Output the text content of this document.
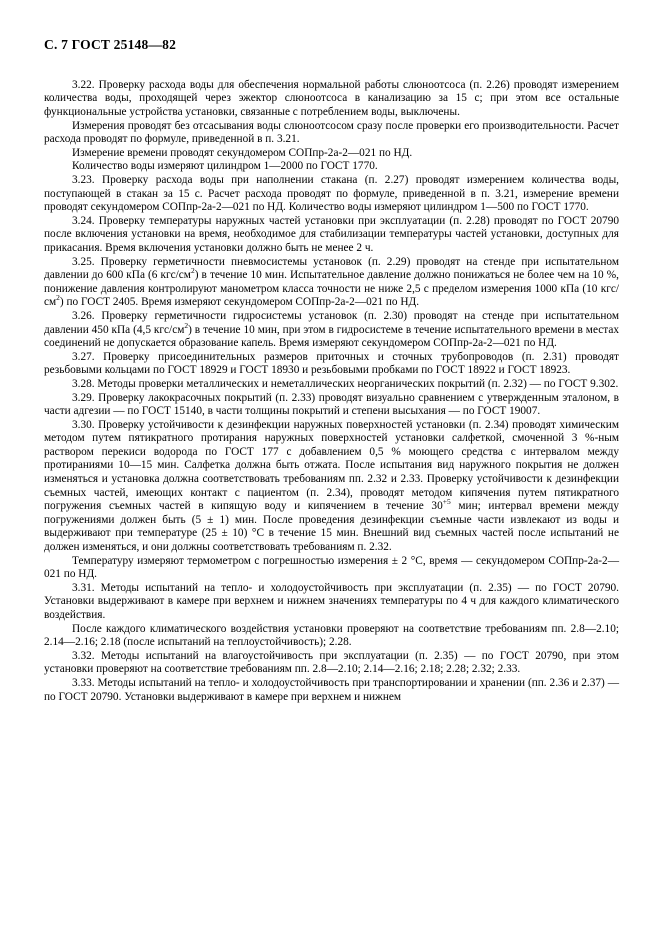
С. 7 ГОСТ 25148—82

3.22. Проверку расхода воды для обеспечения нормальной работы слюноотсоса (п. 2.26) проводят измерением количества воды, проходящей через эжектор слюноотсоса в канализацию за 15 с; при этом все остальные функциональные устройства установки, связанные с потреблением воды, выключены.

Измерения проводят без отсасывания воды слюноотсосом сразу после проверки его производительности. Расчет расхода проводят по формуле, приведенной в п. 3.21.

Измерение времени проводят секундомером СОПпр-2а-2—021 по НД.

Количество воды измеряют цилиндром 1—2000 по ГОСТ 1770.

3.23. Проверку расхода воды при наполнении стакана (п. 2.27) проводят измерением количества воды, поступающей в стакан за 15 с. Расчет расхода проводят по формуле, приведенной в п. 3.21, измерение времени проводят секундомером СОПпр-2а-2—021 по НД. Количество воды измеряют цилиндром 1—500 по ГОСТ 1770.

3.24. Проверку температуры наружных частей установки при эксплуатации (п. 2.28) проводят по ГОСТ 20790 после включения установки на время, необходимое для стабилизации температуры частей установки, доступных для прикасания. Время включения установки должно быть не менее 2 ч.

3.25. Проверку герметичности пневмосистемы установок (п. 2.29) проводят на стенде при испытательном давлении до 600 кПа (6 кгс/$см^2$) в течение 10 мин. Испытательное давление должно понижаться не более чем на 10 %, понижение давления контролируют манометром класса точности не ниже 2,5 с пределом измерения 1000 кПа (10 кгс/$см^2$) по ГОСТ 2405. Время измеряют секундомером СОПпр-2а-2—021 по НД.

3.26. Проверку герметичности гидросистемы установок (п. 2.30) проводят на стенде при испытательном давлении 450 кПа (4,5 кгс/$см^2$) в течение 10 мин, при этом в гидросистеме в течение испытательного времени в местах соединений не допускается образование капель. Время измеряют секундомером СОПпр-2а-2—021 по НД.

3.27. Проверку присоединительных размеров приточных и сточных трубопроводов (п. 2.31) проводят резьбовыми кольцами по ГОСТ 18929 и ГОСТ 18930 и резьбовыми пробками по ГОСТ 18922 и ГОСТ 18923.

3.28. Методы проверки металлических и неметаллических неорганических покрытий (п. 2.32) — по ГОСТ 9.302.

3.29. Проверку лакокрасочных покрытий (п. 2.33) проводят визуально сравнением с утвержденным эталоном, в части адгезии — по ГОСТ 15140, в части толщины покрытий и степени высыхания — по ГОСТ 19007.

3.30. Проверку устойчивости к дезинфекции наружных поверхностей установки (п. 2.34) проводят химическим методом путем пятикратного протирания наружных поверхностей установки салфеткой, смоченной 3 %-ным раствором перекиси водорода по ГОСТ 177 с добавлением 0,5 % моющего средства с интервалом между протираниями 10—15 мин. Салфетка должна быть отжата. После испытания вид наружного покрытия не должен изменяться и установка должна соответствовать требованиям пп. 2.32 и 2.33. Проверку устойчивости к дезинфекции съемных частей, имеющих контакт с пациентом (п. 2.34), проводят методом кипячения путем пятикратного погружения съемных частей в кипящую воду и кипячением в течение $30^{+5}$ мин; интервал времени между погружениями должен быть (5 ± 1) мин. После проведения дезинфекции съемные части извлекают из воды и выдерживают при температуре (25 ± 10) °С в течение 15 мин. Внешний вид съемных частей после испытаний не должен изменяться, и они должны соответствовать требованиям п. 2.32.

Температуру измеряют термометром с погрешностью измерения ± 2 °С, время — секундомером СОПпр-2а-2—021 по НД.

3.31. Методы испытаний на тепло- и холодоустойчивость при эксплуатации (п. 2.35) — по ГОСТ 20790. Установки выдерживают в камере при верхнем и нижнем значениях температуры по 4 ч для каждого климатического воздействия.

После каждого климатического воздействия установки проверяют на соответствие требованиям пп. 2.8—2.10; 2.14—2.16; 2.18 (после испытаний на теплоустойчивость); 2.28.

3.32. Методы испытаний на влагоустойчивость при эксплуатации (п. 2.35) — по ГОСТ 20790, при этом установки проверяют на соответствие требованиям пп. 2.8—2.10; 2.14—2.16; 2.18; 2.28; 2.32; 2.33.

3.33. Методы испытаний на тепло- и холодоустойчивость при транспортировании и хранении (пп. 2.36 и 2.37) — по ГОСТ 20790. Установки выдерживают в камере при верхнем и нижнем
